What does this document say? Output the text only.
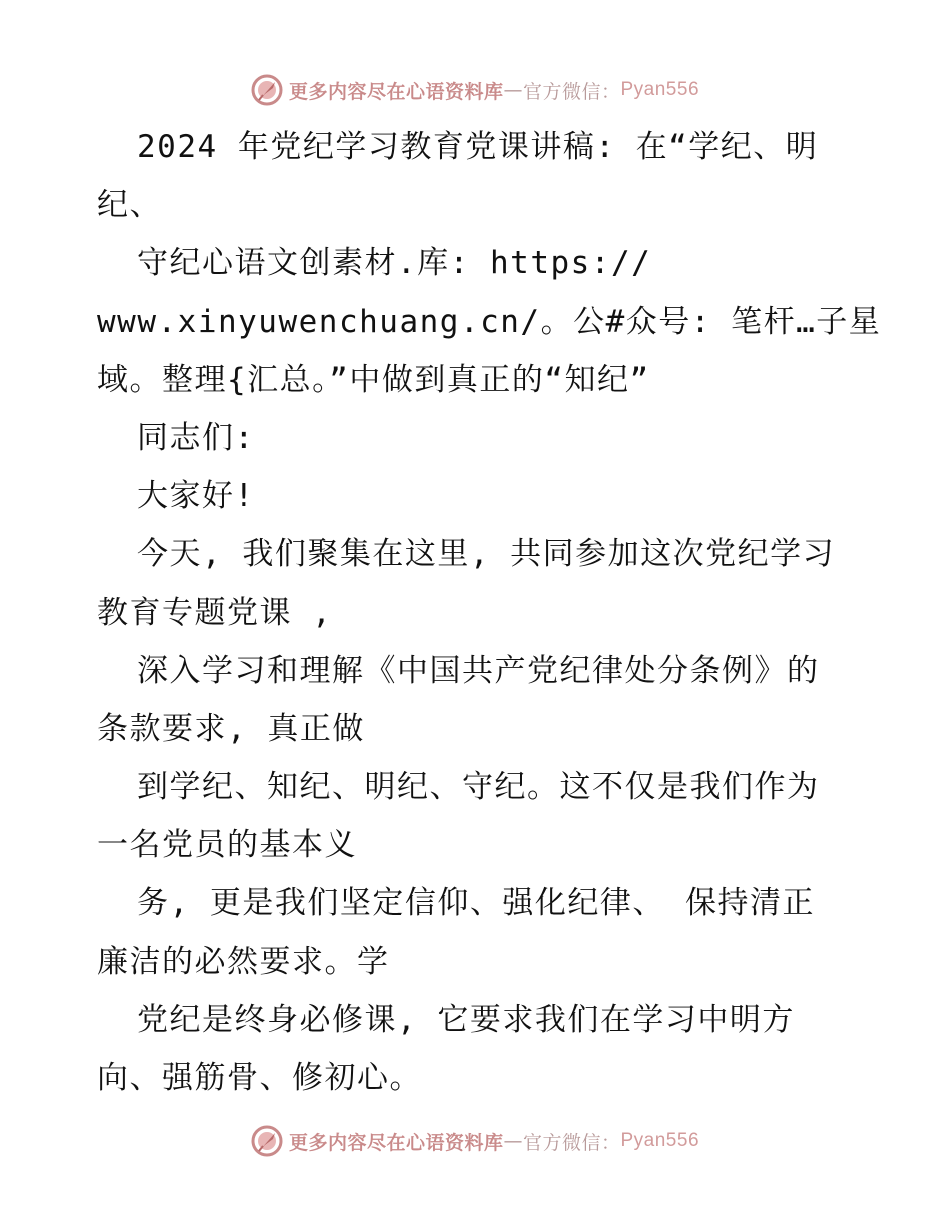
更多内容尽在心语资料库 — 官方微信： Pyan556
2024 年党纪学习教育党课讲稿: 在“学纪、明
纪、
守纪心语文创素材.库: https://
www.xinyuwenchuang.cn/。公#众号: 笔杆…子星
域。整理{汇总。”中做到真正的“知纪”
同志们:
大家好!
今天, 我们聚集在这里, 共同参加这次党纪学习
教育专题党课 ,
深入学习和理解《中国共产党纪律处分条例》的
条款要求, 真正做
到学纪、知纪、明纪、守纪。这不仅是我们作为
一名党员的基本义
务, 更是我们坚定信仰、强化纪律、 保持清正
廉洁的必然要求。学
党纪是终身必修课, 它要求我们在学习中明方
向、强筋骨、修初心。
更多内容尽在心语资料库 — 官方微信： Pyan556
